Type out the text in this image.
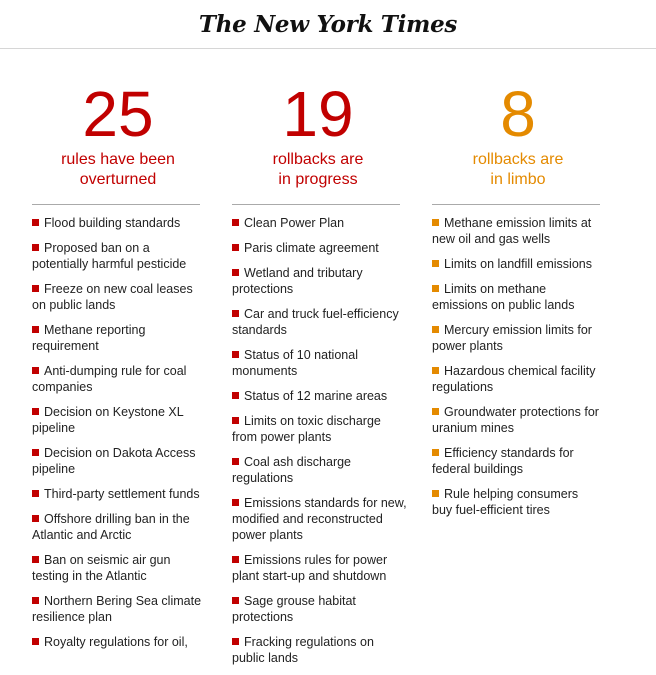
The New York Times
25
rules have been
overturned
Flood building standards
Proposed ban on a potentially harmful pesticide
Freeze on new coal leases on public lands
Methane reporting requirement
Anti-dumping rule for coal companies
Decision on Keystone XL pipeline
Decision on Dakota Access pipeline
Third-party settlement funds
Offshore drilling ban in the Atlantic and Arctic
Ban on seismic air gun testing in the Atlantic
Northern Bering Sea climate resilience plan
Royalty regulations for oil,
19
rollbacks are
in progress
Clean Power Plan
Paris climate agreement
Wetland and tributary protections
Car and truck fuel-efficiency standards
Status of 10 national monuments
Status of 12 marine areas
Limits on toxic discharge from power plants
Coal ash discharge regulations
Emissions standards for new, modified and reconstructed power plants
Emissions rules for power plant start-up and shutdown
Sage grouse habitat protections
Fracking regulations on public lands
8
rollbacks are
in limbo
Methane emission limits at new oil and gas wells
Limits on landfill emissions
Limits on methane emissions on public lands
Mercury emission limits for power plants
Hazardous chemical facility regulations
Groundwater protections for uranium mines
Efficiency standards for federal buildings
Rule helping consumers buy fuel-efficient tires
